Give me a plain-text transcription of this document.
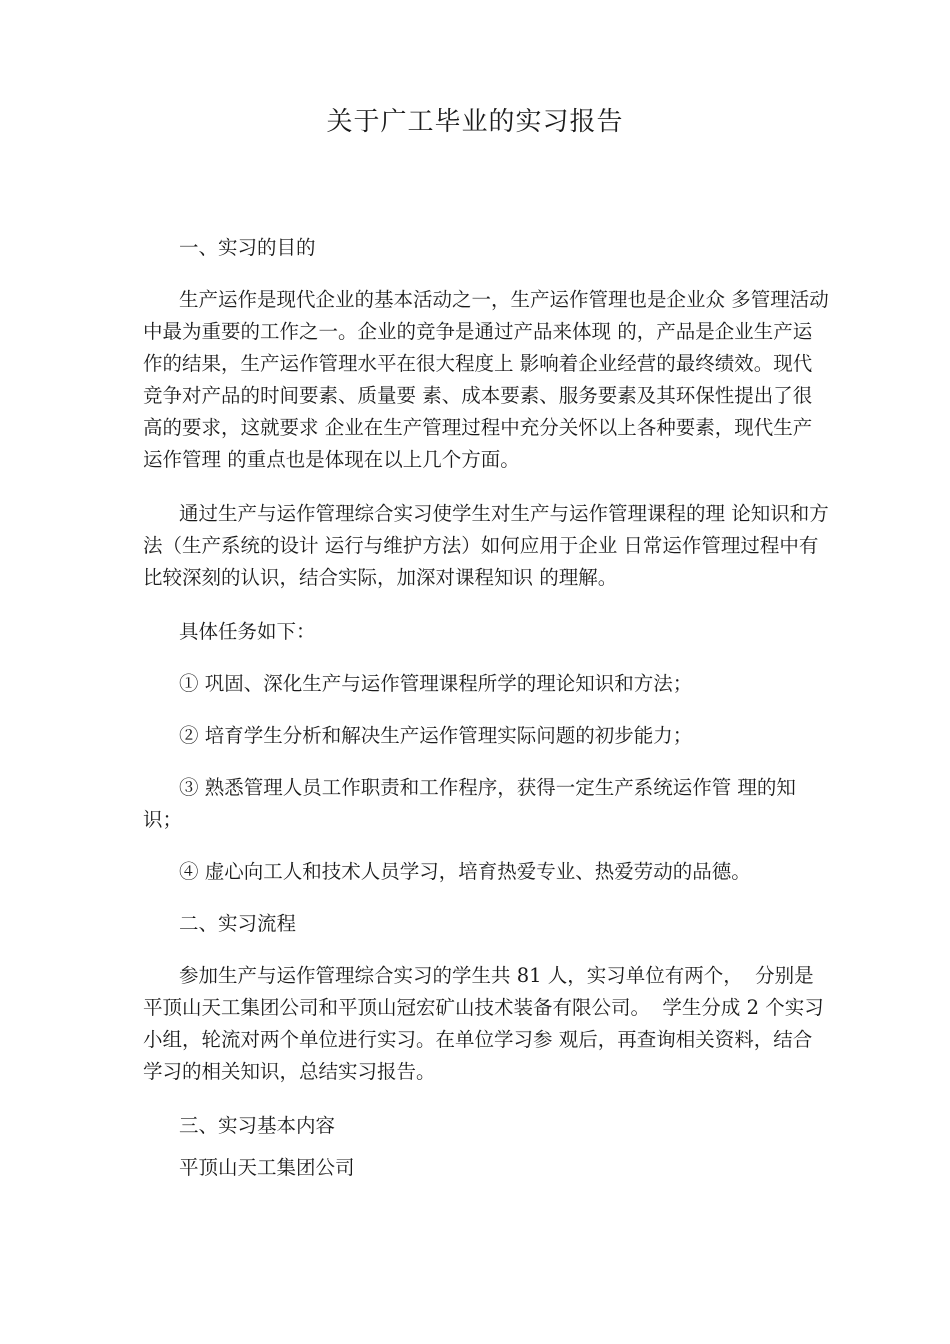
关于广工毕业的实习报告

一、实习的目的

生产运作是现代企业的基本活动之一，生产运作管理也是企业众 多管理活动中最为重要的工作之一。企业的竞争是通过产品来体现 的，产品是企业生产运作的结果，生产运作管理水平在很大程度上 影响着企业经营的最终绩效。现代竞争对产品的时间要素、质量要 素、成本要素、服务要素及其环保性提出了很高的要求，这就要求 企业在生产管理过程中充分关怀以上各种要素，现代生产运作管理 的重点也是体现在以上几个方面。

通过生产与运作管理综合实习使学生对生产与运作管理课程的理 论知识和方法（生产系统的设计 运行与维护方法）如何应用于企业 日常运作管理过程中有比较深刻的认识，结合实际，加深对课程知识 的理解。

具体任务如下：

① 巩固、深化生产与运作管理课程所学的理论知识和方法；

② 培育学生分析和解决生产运作管理实际问题的初步能力；

③ 熟悉管理人员工作职责和工作程序，获得一定生产系统运作管 理的知识；

④ 虚心向工人和技术人员学习，培育热爱专业、热爱劳动的品德。

二、实习流程

参加生产与运作管理综合实习的学生共 81 人，实习单位有两个，  分别是平顶山天工集团公司和平顶山冠宏矿山技术装备有限公司。  学生分成 2 个实习小组，轮流对两个单位进行实习。在单位学习参 观后，再查询相关资料，结合学习的相关知识，总结实习报告。

三、实习基本内容

平顶山天工集团公司
